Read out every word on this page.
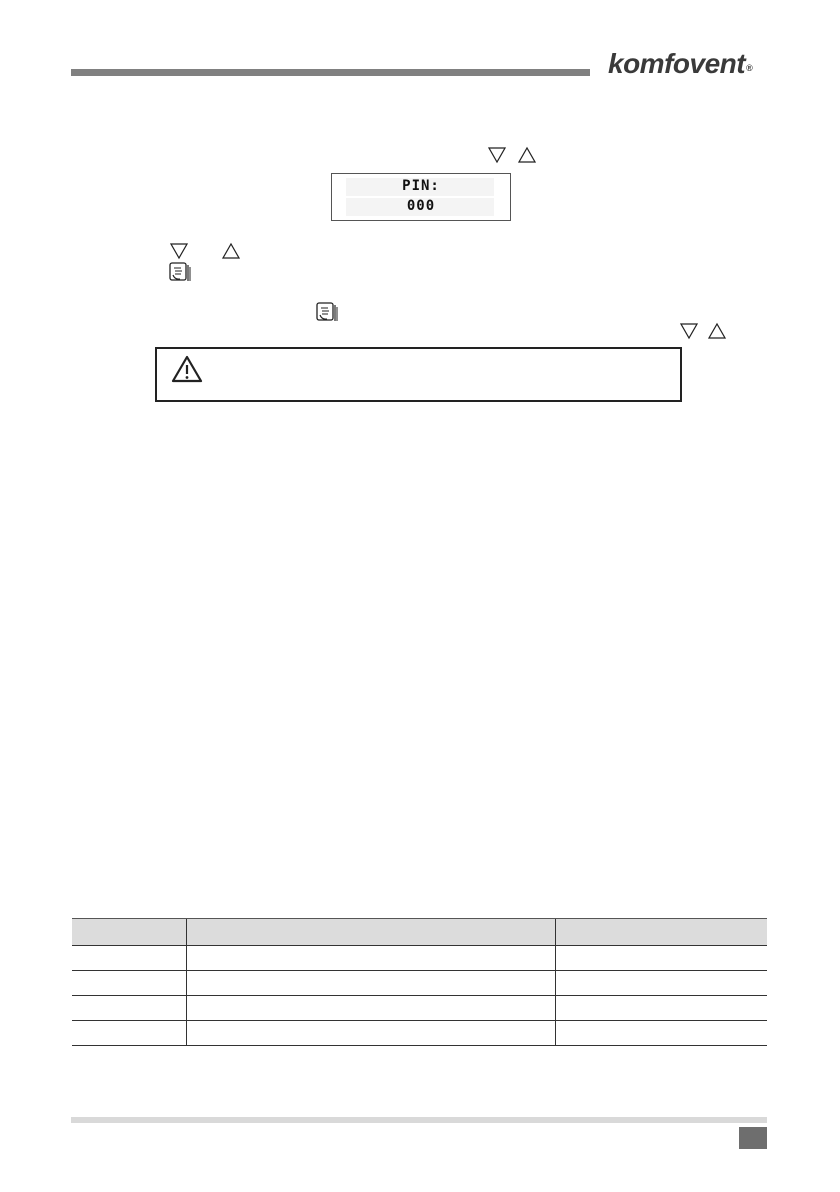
komfovent®
PIN:
000
